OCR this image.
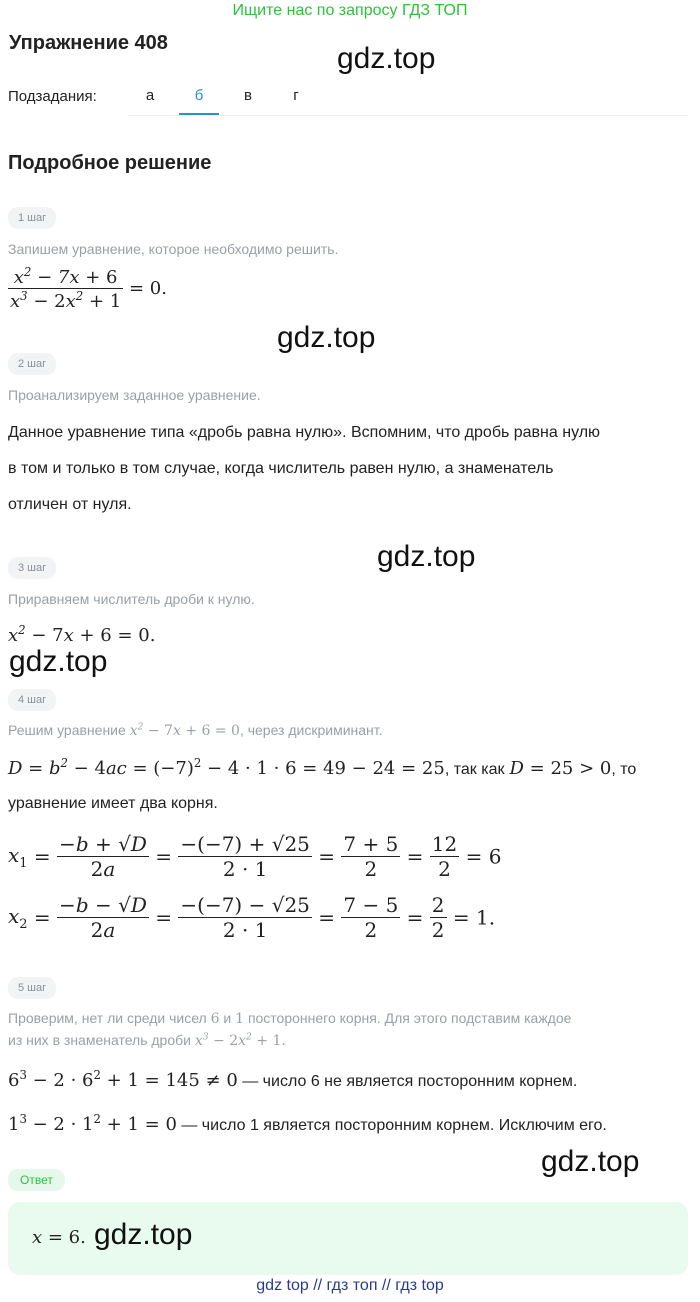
Ищите нас по запросу ГДЗ ТОП
Упражнение 408	gdz.top
Подзадания:	а	б	в	г
Подробное решение
1 шаг
Запишем уравнение, которое необходимо решить.
$\frac{x^2 - 7x + 6}{x^3 - 2x^2 + 1} = 0$.
gdz.top
2 шаг
Проанализируем заданное уравнение.
Данное уравнение типа «дробь равна нулю». Вспомним, что дробь равна нулю
в том и только в том случае, когда числитель равен нулю, а знаменатель
отличен от нуля.
gdz.top
3 шаг
Приравняем числитель дроби к нулю.
$x^2 - 7x + 6 = 0$.
gdz.top
4 шаг
Решим уравнение $x^2 - 7x + 6 = 0$, через дискриминант.
$D = b^2 - 4ac = (-7)^2 - 4 \cdot 1 \cdot 6 = 49 - 24 = 25$, так как D = 25 > 0, то
уравнение имеет два корня.
$x_1 = \frac{-b + √D}{2a} = \frac{-(-7) + √25}{2 \cdot 1} = \frac{7 + 5}{2} = \frac{12}{2} = 6$
$x_2 = \frac{-b - √D}{2a} = \frac{-(-7) - √25}{2 \cdot 1} = \frac{7 - 5}{2} = \frac{2}{2} = 1$.
5 шаг
Проверим, нет ли среди чисел 6 и 1 постороннего корня. Для этого подставим каждое
из них в знаменатель дроби $x^3 - 2x^2 + 1$.
$6^3 - 2 \cdot 6^2 + 1 = 145 \ne 0$ — число 6 не является посторонним корнем.
$1^3 - 2 \cdot 1^2 + 1 = 0$ — число 1 является посторонним корнем. Исключим его.
gdz.top
Ответ
x = 6. gdz.top
gdz top // гдз топ // гдз top
